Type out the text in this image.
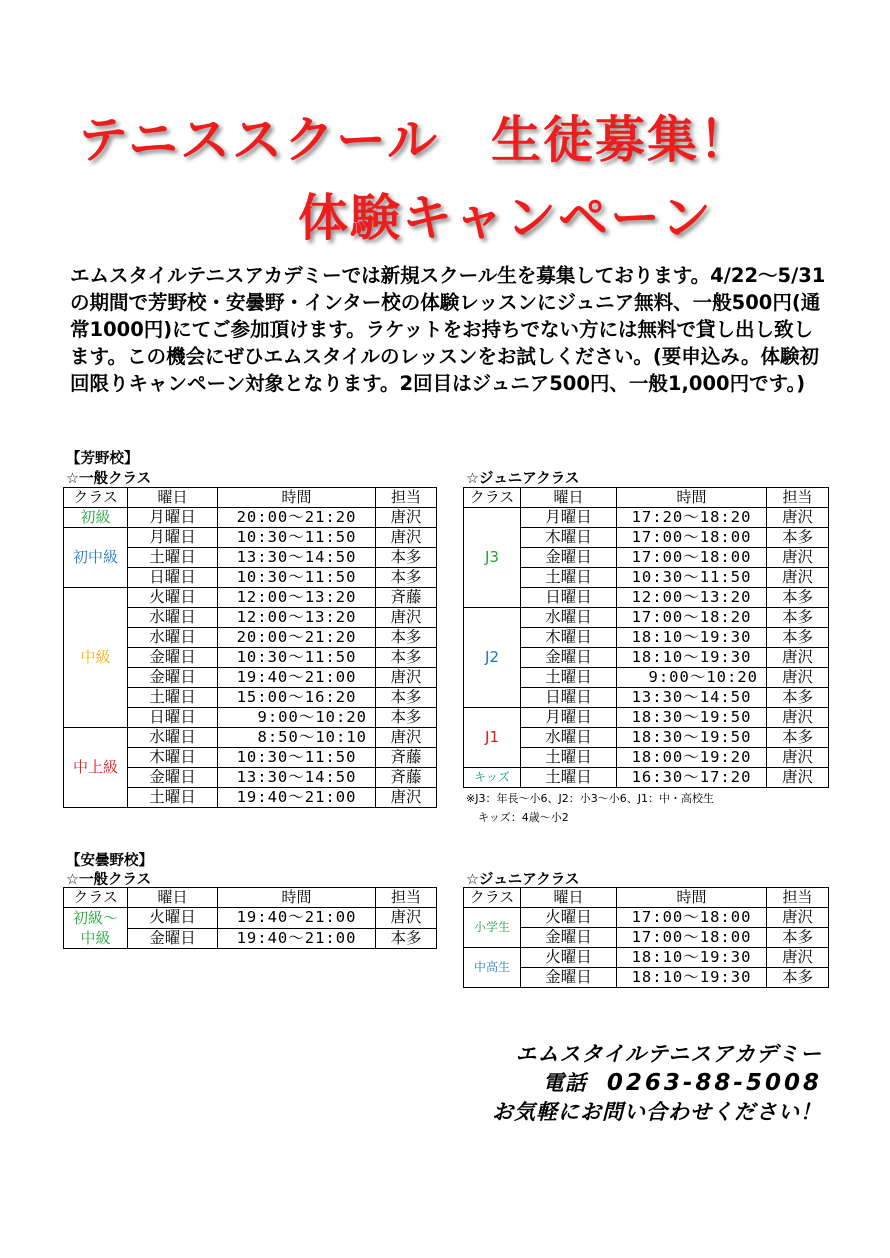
テニススクール　生徒募集！
体験キャンペーン

エムスタイルテニスアカデミーでは新規スクール生を募集しております。4/22～5/31の期間で芳野校・安曇野・インター校の体験レッスンにジュニア無料、一般500円(通常1000円)にてご参加頂けます。ラケットをお持ちでない方には無料で貸し出し致します。この機会にぜひエムスタイルのレッスンをお試しください。(要申込み。体験初回限りキャンペーン対象となります。2回目はジュニア500円、一般1,000円です。)

【芳野校】
☆一般クラス	☆ジュニアクラス
クラス	曜日	時間	担当
初級	月曜日	20:00～21:20	唐沢
初中級	月曜日	10:30～11:50	唐沢
	土曜日	13:30～14:50	本多
	日曜日	10:30～11:50	本多
中級	火曜日	12:00～13:20	斉藤
	水曜日	12:00～13:20	唐沢
	水曜日	20:00～21:20	本多
	金曜日	10:30～11:50	本多
	金曜日	19:40～21:00	唐沢
	土曜日	15:00～16:20	本多
	日曜日	9:00～10:20	本多
中上級	水曜日	8:50～10:10	唐沢
	木曜日	10:30～11:50	斉藤
	金曜日	13:30～14:50	斉藤
	土曜日	19:40～21:00	唐沢
クラス	曜日	時間	担当
J3	月曜日	17:20～18:20	唐沢
	木曜日	17:00～18:00	本多
	金曜日	17:00～18:00	唐沢
	土曜日	10:30～11:50	唐沢
	日曜日	12:00～13:20	本多
J2	水曜日	17:00～18:20	本多
	木曜日	18:10～19:30	本多
	金曜日	18:10～19:30	唐沢
	土曜日	9:00～10:20	唐沢
	日曜日	13:30～14:50	本多
J1	月曜日	18:30～19:50	唐沢
	水曜日	18:30～19:50	本多
	土曜日	18:00～19:20	唐沢
キッズ	土曜日	16:30～17:20	唐沢
※J3：年長～小6、J2：小3～小6、J1：中・高校生
キッズ：4歳～小2
【安曇野校】
☆一般クラス	☆ジュニアクラス
クラス	曜日	時間	担当
初級～
中級	火曜日	19:40～21:00	唐沢
	金曜日	19:40～21:00	本多
クラス	曜日	時間	担当
小学生	火曜日	17:00～18:00	唐沢
	金曜日	17:00～18:00	本多
中高生	火曜日	18:10～19:30	唐沢
	金曜日	18:10～19:30	本多
エムスタイルテニスアカデミー
電話 0263-88-5008
お気軽にお問い合わせください！
